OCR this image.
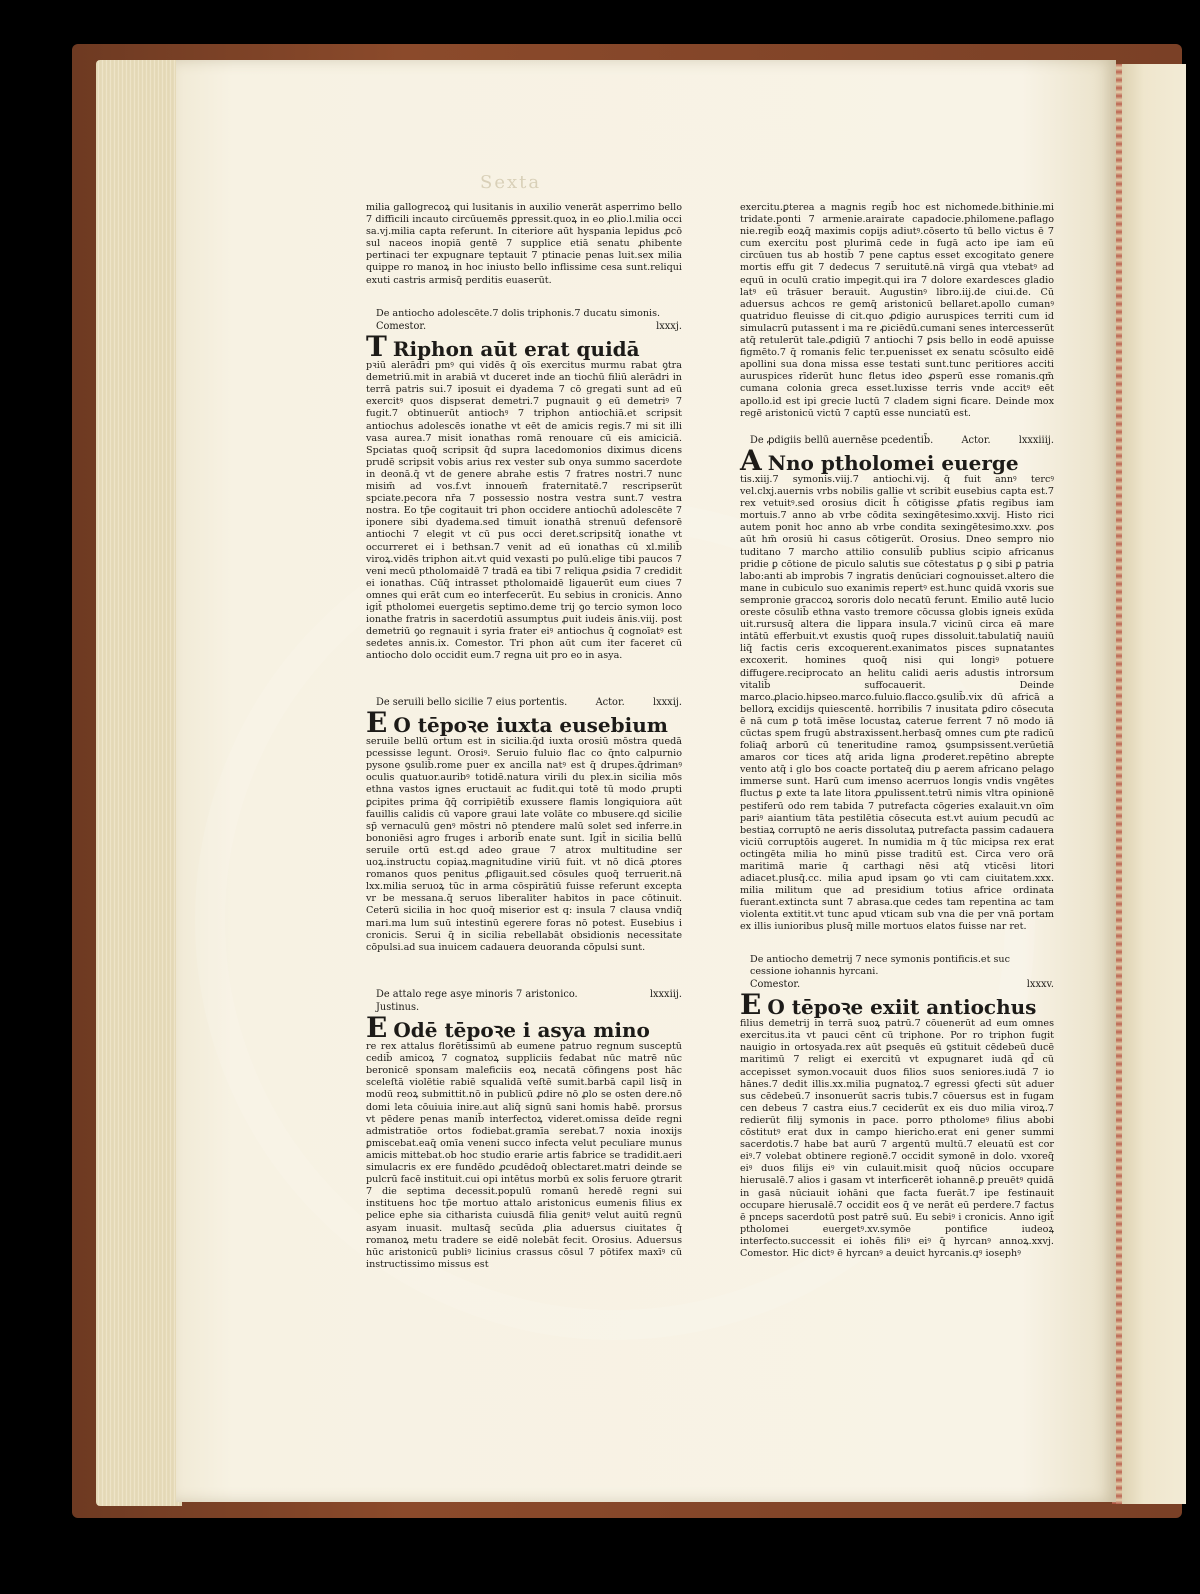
Sexta

milia gallogrecoꝝ qui lusitanis in auxilio venerāt asperrimo bello 7 difficili incauto circūuemēs ꝑpressit.quoꝝ in eo ꝓlio.l.milia occi sa.vj.milia capta referunt. In citeriore aūt hyspania lepidus ꝓcō sul naceos inopiā gentē 7 supplice etiā senatu ꝓhibente pertinaci ter expugnare teptauit 7 ptinacie penas luit.sex milia quippe ro manoꝝ in hoc iniusto bello inflissime cesa sunt.reliqui exuti castris armisq̄ perditis euaserūt.

De antiocho adolescēte.7 dolis triphonis.7 ducatu simonis.
Comestor.	lxxxj.
T Riphon aūt erat quidā

pꝛiū alerādri pmꝰ qui vidēs q̄ oīs exercitus murmu rabat ꝯtra demetriū.mit in arabiā vt duceret inde an tiochū filiū alerādri in terrā patris sui.7 iposuit ei dyadema 7 cō gregati sunt ad eū exercitꝰ quos dispserat demetri.7 pugnauit ꝯ eū demetriꝰ 7 fugit.7 obtinuerūt antiochꝰ 7 triphon antiochiā.et scripsit antiochus adolescēs ionathe vt eēt de amicis regis.7 mi sit illi vasa aurea.7 misit ionathas romā renouare cū eis amiciciā. Spciatas quoq̄ scripsit q̄d supra lacedomonios diximus dicens prudē scripsit vobis arius rex vester sub onya summo sacerdote in deonā.q̄ vt de genere abrahe estis 7 fratres nostri.7 nunc misim̄ ad vos.f.vt innouem̄ fraternitatē.7 rescripserūt spciate.pecora nr̄a 7 possessio nostra vestra sunt.7 vestra nostra. Eo tp̄e cogitauit tri phon occidere antiochū adolescēte 7 iponere sibi dyadema.sed timuit ionathā strenuū defensorē antiochi 7 elegit vt cū pus occi deret.scripsitq̄ ionathe vt occurreret ei i bethsan.7 venit ad eū ionathas cū xl.milib̄ viroꝝ.vidēs triphon ait.vt quid vexasti po pulū.elige tibi paucos 7 veni mecū ptholomaidē 7 tradā ea tibi 7 reliqua ꝓsidia 7 credidit ei ionathas. Cūq̄ intrasset ptholomaidē ligauerūt eum ciues 7 omnes qui erāt cum eo interfecerūt. Eu sebius in cronicis. Anno igit̄ ptholomei euergetis septimo.deme trij ꝯo tercio symon loco ionathe fratris in sacerdotiū assumptus ꝓuit iudeis ānis.viij. post demetriū ꝯo regnauit i syria frater eiꝰ antiochus q̄ cognoīatꝰ est sedetes annis.ix. Comestor. Tri phon aūt cum iter faceret cū antiocho dolo occidit eum.7 regna uit pro eo in asya.

De seruili bello sicilie 7 eius portentis.	Actor.	lxxxij.
E O tēpoꝛe iuxta eusebium

seruile bellū ortum est in sicilia.q̄d iuxta orosiū mōstra quedā pcessisse legunt. Orosiꝰ. Seruio fuluio flac co q̄nto calpurnio pysone ꝯsulib̄.rome puer ex ancilla natꝰ est q̄ drupes.q̄drimanꝰ oculis quatuor.auribꝰ totidē.natura virili du plex.in sicilia mōs ethna vastos ignes eructauit ac fudit.qui totē tū modo ꝓrupti ꝑcipites prima q̄q̄ corripiētib̄ exussere flamis longiquiora aūt fauillis calidis cū vapore graui late volāte co mbusere.qd sicilie sp̄ vernaculū genꝰ mōstri nō ptendere malū solet sed inferre.in bononiēsi agro fruges i arborib̄ enate sunt. Igit̄ in sicilia bellū seruile ortū est.qd adeo graue 7 atrox multitudine ser uoꝝ.instructu copiaꝝ.magnitudine viriū fuit. vt nō dicā ꝓtores romanos quos penitus ꝓfligauit.sed cōsules quoq̄ terruerit.nā lxx.milia seruoꝝ tūc in arma cōspirātiū fuisse referunt excepta vr be messana.q̄ seruos liberaliter habitos in pace cōtinuit. Ceterū sicilia in hoc quoq̄ miserior est q: insula 7 clausa vndiq̄ mari.ma lum suū intestinū egerere foras nō potest. Eusebius i cronicis. Serui q̄ in sicilia rebellabāt obsidionis necessitate cōpulsi.ad sua inuicem cadauera deuoranda cōpulsi sunt.

De attalo rege asye minoris 7 aristonico.	lxxxiij.
Justinus.
E Odē tēpoꝛe i asya mino

re rex attalus florētissimū ab eumene patruo regnum susceptū cedib̄ amicoꝝ 7 cognatoꝝ suppliciis fedabat nūc matrē nūc beronicē sponsam maleficiis eoꝝ necatā cōfingens post hāc sceleſtā violētie rabiē squalidā veſtē sumit.barbā capil lisq̄ in modū reoꝝ submittit.nō in publicū ꝓdire nō ꝓlo se osten dere.nō domi leta cōuiuia inire.aut aliq̄ signū sani homis habē. prorsus vt pēdere penas manib̄ interfectoꝝ videret.omissa deīde regni admistratiōe ortos fodiebat.gramīa serebat.7 noxia inoxijs ꝑmiscebat.eaq̄ omīa veneni succo infecta velut peculiare munus amicis mittebat.ob hoc studio erarie artis fabrice se tradidit.aeri simulacris ex ere fundēdo ꝓcudēdoq̄ oblectaret.matri deinde se pulcrū facē instituit.cui opi intētus morbū ex solis feruore ꝯtrarit 7 die septima decessit.populū romanū heredē regni sui instituens hoc tp̄e mortuo attalo aristonicus eumenis filius ex pelice ephe sia citharista cuiusdā filia genitꝰ velut auitū regnū asyam inuasit. multasq̄ secūda ꝓlia aduersus ciuitates q̄ romanoꝝ metu tradere se eidē nolebāt fecit. Orosius. Aduersus hūc aristonicū publiꝰ licinius crassus cōsul 7 pōtifex maxīꝰ cū instructissimo missus est

exercitu.ꝑterea a magnis regib̄ hoc est nichomede.bithinie.mi tridate.ponti 7 armenie.arairate capadocie.philomene.paflago nie.regib̄ eoꝝq̄ maximis copijs adiutꝰ.cōserto tū bello victus ē 7 cum exercitu post plurimā cede in fugā acto ipe iam eū circūuen tus ab hostib̄ 7 pene captus esset excogitato genere mortis effu git 7 dedecus 7 seruitutē.nā virgā qua vtebatꝰ ad equū in oculū cratio impegit.qui ira 7 dolore exardesces gladio latꝰ eū trāsuer berauit. Augustinꝰ libro.iij.de ciui.de. Cū aduersus achcos re gemq̄ aristonicū bellaret.apollo cumanꝰ quatriduo fleuisse di cit.quo ꝓdigio auruspices territi cum id simulacrū putassent i ma re ꝓiciēdū.cumani senes intercesserūt atq̄ retulerūt tale.ꝓdigiū 7 antiochi 7 ꝑsis bello in eodē apuisse figmēto.7 q̄ romanis felic ter.puenisset ex senatu scōsulto eidē apollini sua dona missa esse testati sunt.tunc peritiores acciti auruspices rīderūt hunc fletus ideo ꝓsperū esse romanis.qm̄ cumana colonia greca esset.luxisse terris vnde accitꝰ eēt apollo.id est ipi grecie luctū 7 cladem signi ficare. Deinde mox regē aristonicū victū 7 captū esse nunciatū est.

De ꝓdigiis bellū auernēse pcedentib̄.	Actor.	lxxxiiij.
A Nno ptholomei euerge

tis.xiij.7 symonis.viij.7 antiochi.vij. q̄ fuit annꝰ tercꝰ vel.clxj.auernis vrbs nobilis gallie vt scribit eusebius capta est.7 rex vetuitꝰ.sed orosius dicit h̄ cōtigisse ꝓfatis regibus iam mortuis.7 anno ab vrbe cōdita sexingētesimo.xxvij. Histo rici autem ponit hoc anno ab vrbe condita sexingētesimo.xxv. ꝓos aūt hm̄ orosiū hi casus cōtigerūt. Orosius. Dneo sempro nio tuditano 7 marcho attilio consulib̄ publius scipio africanus pridie ꝑ cōtione de piculo salutis sue cōtestatus ꝑ ꝯ sibi ꝑ patria labo:anti ab improbis 7 ingratis denūciari cognouisset.altero die mane in cubiculo suo exanimis repertꝰ est.hunc quidā vxoris sue sempronie graccoꝝ sororis dolo necatū ferunt. Emilio autē lucio oreste cōsulib̄ ethna vasto tremore cōcussa globis igneis exūda uit.rursusq̄ altera die lippara insula.7 vicinū circa eā mare intātū efferbuit.vt exustis quoq̄ rupes dissoluit.tabulatiq̄ nauiū liq̄ factis ceris excoquerent.exanimatos pisces supnatantes excoxerit. homines quoq̄ nisi qui longiꝰ potuere diffugere.reciprocato an helitu calidi aeris adustis introrsum vitalib̄ suffocauerit. Deinde marco.ꝓlacio.hipseo.marco.fuluio.flacco.ꝯsulib̄.vix dū africā a bellorꝝ excidijs quiescentē. horribilis 7 inusitata ꝑdiro cōsecuta ē nā cum ꝑ totā imēse locustaꝝ caterue ferrent 7 nō modo iā cūctas spem frugū abstraxissent.herbasq̄ omnes cum ꝑte radicū foliaq̄ arborū cū teneritudine ramoꝝ ꝯsumpsissent.verūetiā amaros cor tices atq̄ arida ligna ꝓroderet.repētino abrepte vento atq̄ i glo bos coacte portateq̄ diu ꝑ aerem africano pelago immerse sunt. Harū cum imenso acerruos longis vndis vngētes fluctus ꝑ exte ta late litora ꝓpulissent.tetrū nimis vltra opinionē pestiferū odo rem tabida 7 putrefacta cōgeries exalauit.vn oīm pariꝰ aiantium tāta pestilētia cōsecuta est.vt auium pecudū ac bestiaꝝ corruptō ne aeris dissolutaꝝ putrefacta passim cadauera viciū corruptōis augeret. In numidia m q̄ tūc micipsa rex erat octingēta milia ho minū pisse traditū est. Circa vero orā maritimā marie q̄ carthagi nēsi atq̄ vticēsi litori adiacet.plusq̄.cc. milia apud ipsam ꝯo vti cam ciuitatem.xxx. milia militum que ad presidium totius africe ordinata fuerant.extincta sunt 7 abrasa.que cedes tam repentina ac tam violenta extitit.vt tunc apud vticam sub vna die per vnā portam ex illis iunioribus plusq̄ mille mortuos elatos fuisse nar ret.

De antiocho demetrij 7 nece symonis pontificis.et suc cessione iohannis hyrcani.
Comestor.	lxxxv.
E O tēpoꝛe exiit antiochus

filius demetrij in terrā suoꝝ patrū.7 cōuenerūt ad eum omnes exercitus.ita vt pauci cēnt cū triphone. Por ro triphon fugit nauigio in ortosyada.rex aūt ꝑsequēs eū ꝯstituit cēdebeū ducē maritimū 7 religt ei exercitū vt expugnaret iudā qd̄ cū accepisset symon.vocauit duos filios suos seniores.iudā 7 io hānes.7 dedit illis.xx.milia pugnatoꝝ.7 egressi ꝯfecti sūt aduer sus cēdebeū.7 insonuerūt sacris tubis.7 cōuersus est in fugam cen debeus 7 castra eius.7 ceciderūt ex eis duo milia viroꝝ.7 redierūt filij symonis in pace. porro ptholomeꝰ filius abobi cōstitutꝰ erat dux in campo hiericho.erat eni gener summi sacerdotis.7 habe bat aurū 7 argentū multū.7 eleuatū est cor eiꝰ.7 volebat obtinere regionē.7 occidit symonē in dolo. vxoreq̄ eiꝰ duos filijs eiꝰ vin culauit.misit quoq̄ nūcios occupare hierusalē.7 alios i gasam vt interficerēt iohannē.ꝑ preuētꝰ quidā in gasā nūciauit iohāni que facta fuerāt.7 ipe festinauit occupare hierusalē.7 occidit eos q̄ ve nerāt eū perdere.7 factus ē pnceps sacerdotū post patrē suū. Eu sebiꝰ i cronicis. Anno igit̄ ptholomei euergetꝰ.xv.symōe pontifice iudeoꝝ interfecto.successit ei iohēs filiꝰ eiꝰ q̄ hyrcanꝰ annoꝝ.xxvj. Comestor. Hic dictꝰ ē hyrcanꝰ a deuict hyrcanis.qꝰ iosephꝰ
